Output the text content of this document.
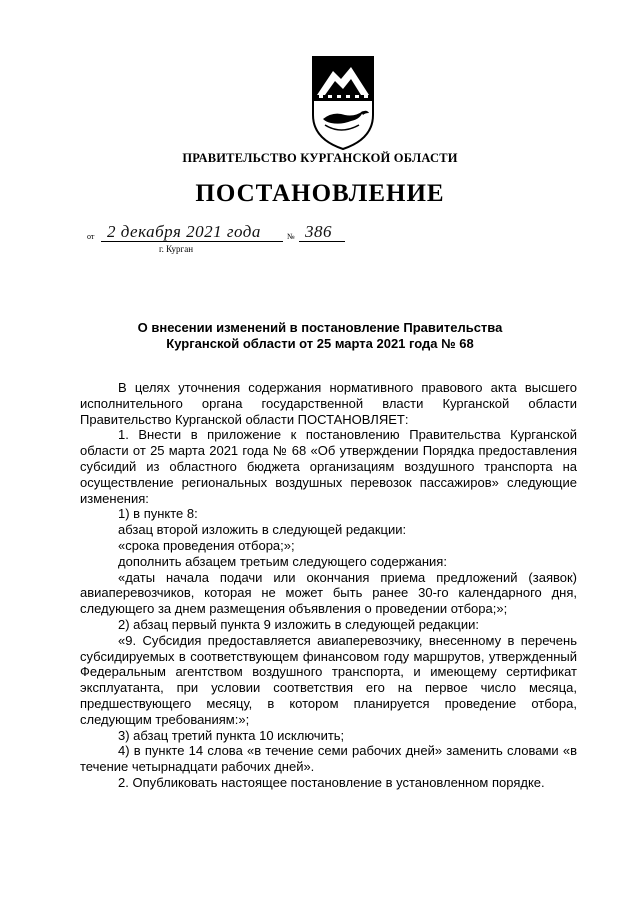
ПРАВИТЕЛЬСТВО КУРГАНСКОЙ ОБЛАСТИ
ПОСТАНОВЛЕНИЕ
от 2 декабря 2021 года	№ 386
г. Курган
О внесении изменений в постановление Правительства
Курганской области от 25 марта 2021 года № 68

В целях уточнения содержания нормативного правового акта высшего исполнительного органа государственной власти Курганской области Правительство Курганской области ПОСТАНОВЛЯЕТ:

1. Внести в приложение к постановлению Правительства Курганской области от 25 марта 2021 года № 68 «Об утверждении Порядка предоставления субсидий из областного бюджета организациям воздушного транспорта на осуществление региональных воздушных перевозок пассажиров» следующие изменения:

1) в пункте 8:

абзац второй изложить в следующей редакции:

«срока проведения отбора;»;

дополнить абзацем третьим следующего содержания:

«даты начала подачи или окончания приема предложений (заявок) авиаперевозчиков, которая не может быть ранее 30-го календарного дня, следующего за днем размещения объявления о проведении отбора;»;

2) абзац первый пункта 9 изложить в следующей редакции:

«9. Субсидия предоставляется авиаперевозчику, внесенному в перечень субсидируемых в соответствующем финансовом году маршрутов, утвержденный Федеральным агентством воздушного транспорта, и имеющему сертификат эксплуатанта, при условии соответствия его на первое число месяца, предшествующего месяцу, в котором планируется проведение отбора, следующим требованиям:»;

3) абзац третий пункта 10 исключить;

4) в пункте 14 слова «в течение семи рабочих дней» заменить словами «в течение четырнадцати рабочих дней».

2. Опубликовать настоящее постановление в установленном порядке.
